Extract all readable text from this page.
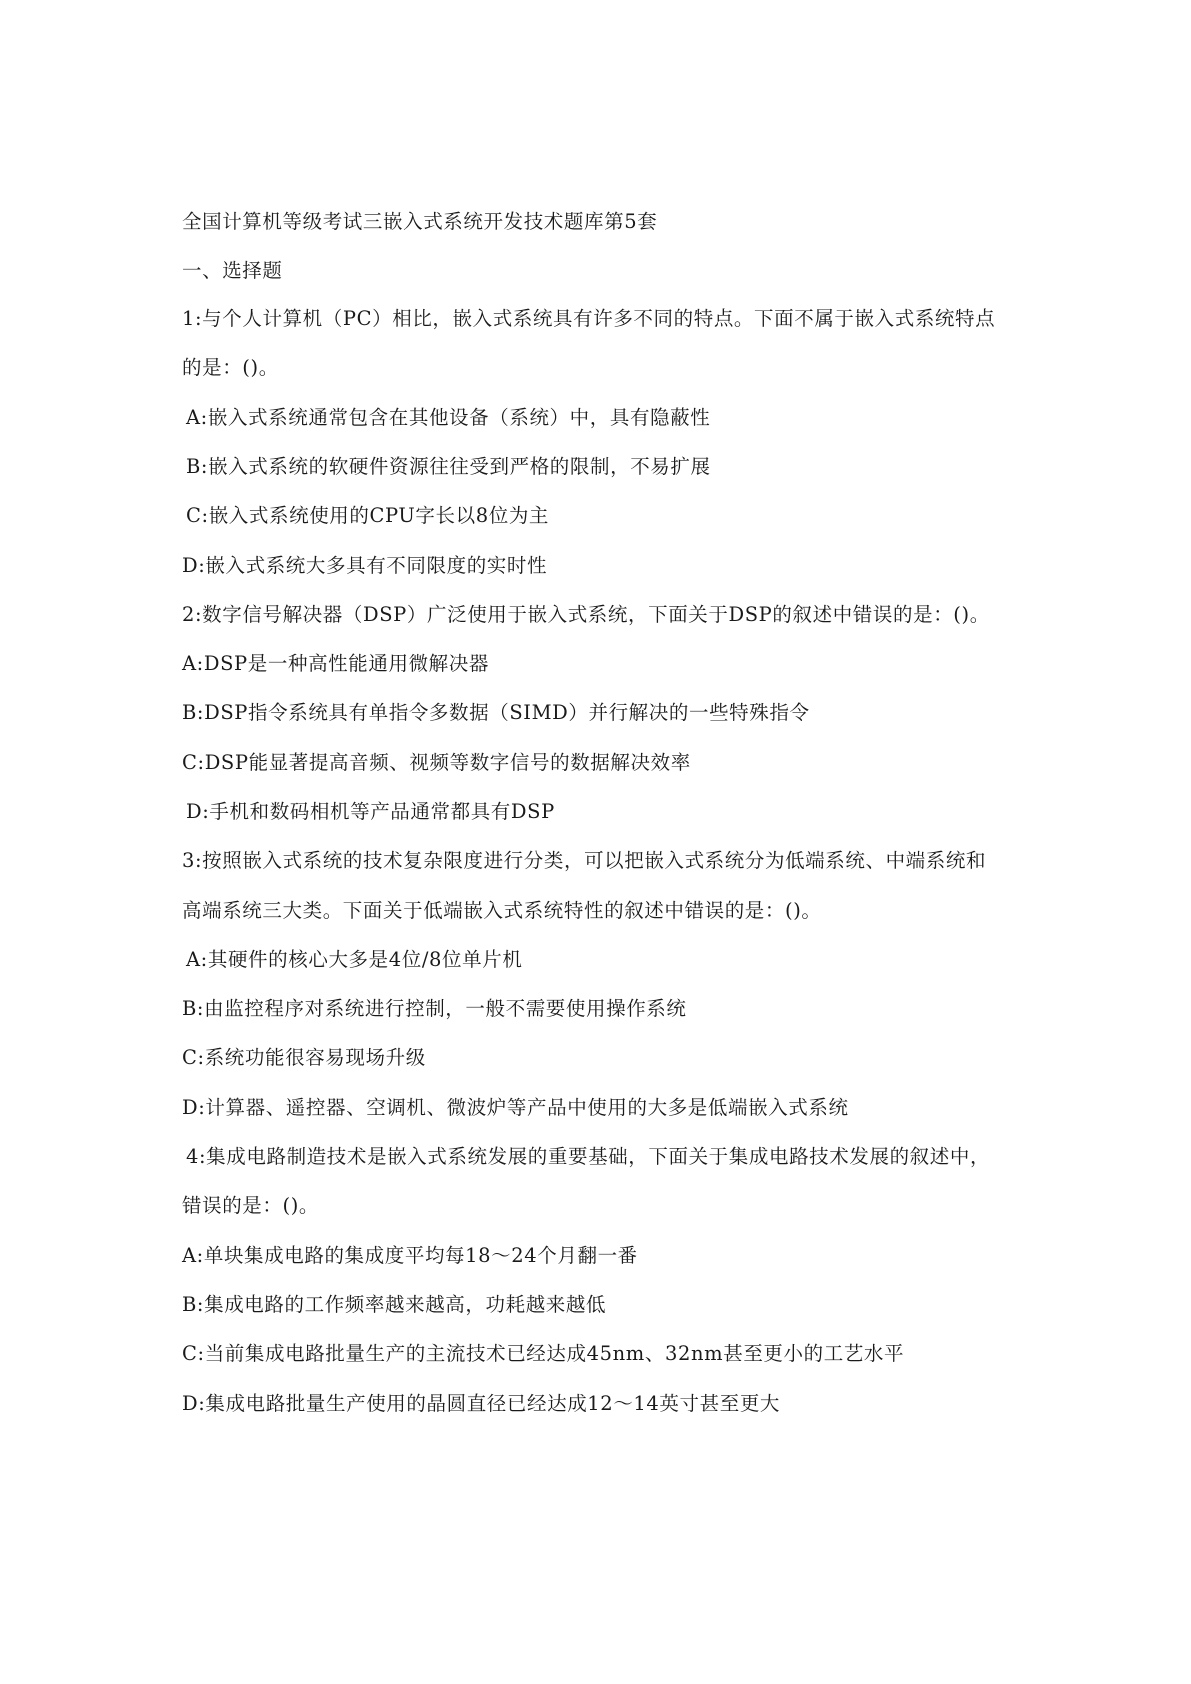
全国计算机等级考试三嵌入式系统开发技术题库第5套
一、选择题
1:与个人计算机（PC）相比，嵌入式系统具有许多不同的特点。下面不属于嵌入式系统特点
的是：()。
A:嵌入式系统通常包含在其他设备（系统）中，具有隐蔽性
B:嵌入式系统的软硬件资源往往受到严格的限制，不易扩展
C:嵌入式系统使用的CPU字长以8位为主
D:嵌入式系统大多具有不同限度的实时性
2:数字信号解决器（DSP）广泛使用于嵌入式系统，下面关于DSP的叙述中错误的是：()。
A:DSP是一种高性能通用微解决器
B:DSP指令系统具有单指令多数据（SIMD）并行解决的一些特殊指令
C:DSP能显著提高音频、视频等数字信号的数据解决效率
D:手机和数码相机等产品通常都具有DSP
3:按照嵌入式系统的技术复杂限度进行分类，可以把嵌入式系统分为低端系统、中端系统和
高端系统三大类。下面关于低端嵌入式系统特性的叙述中错误的是：()。
A:其硬件的核心大多是4位/8位单片机
B:由监控程序对系统进行控制，一般不需要使用操作系统
C:系统功能很容易现场升级
D:计算器、遥控器、空调机、微波炉等产品中使用的大多是低端嵌入式系统
4:集成电路制造技术是嵌入式系统发展的重要基础，下面关于集成电路技术发展的叙述中，
错误的是：()。
A:单块集成电路的集成度平均每18～24个月翻一番
B:集成电路的工作频率越来越高，功耗越来越低
C:当前集成电路批量生产的主流技术已经达成45nm、32nm甚至更小的工艺水平
D:集成电路批量生产使用的晶圆直径已经达成12～14英寸甚至更大
